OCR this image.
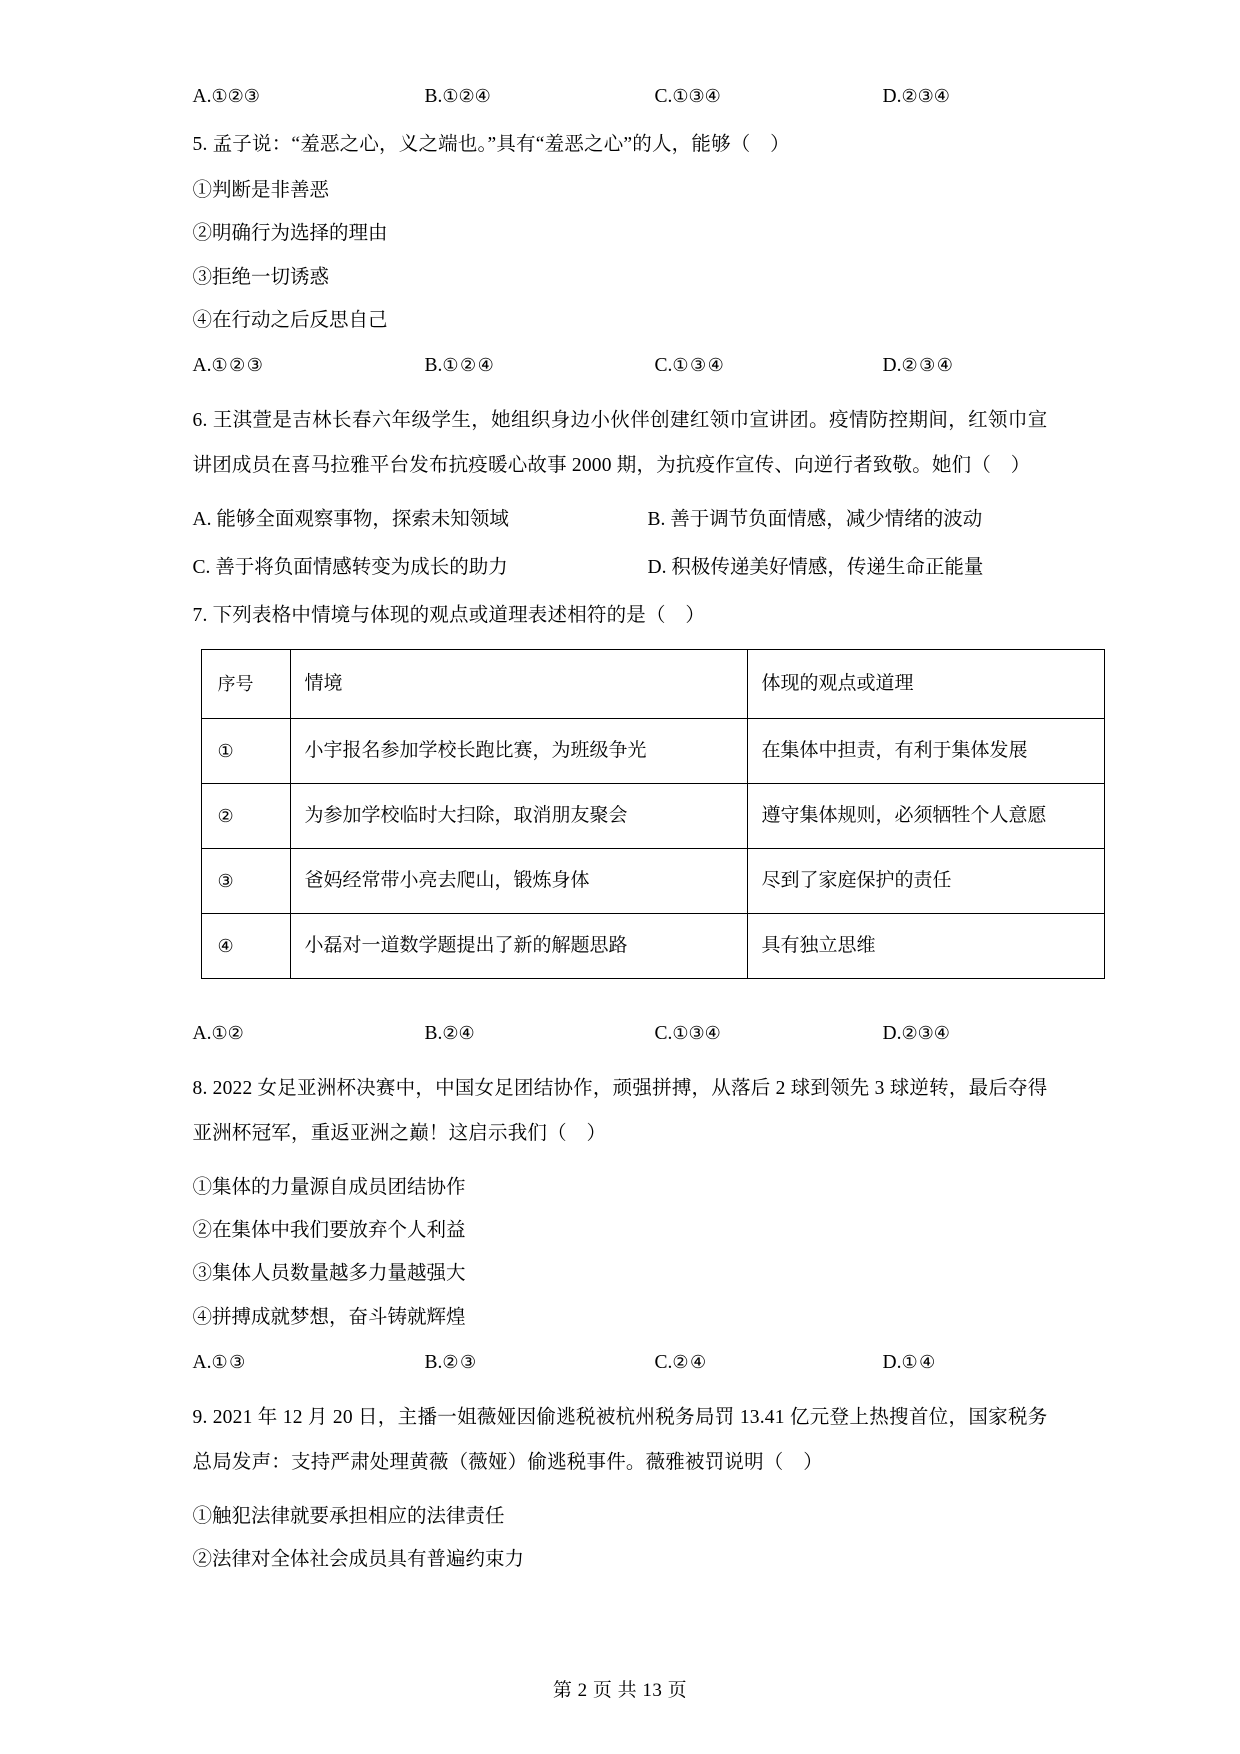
A.①②③	B.①②④	C.①③④	D.②③④

5. 孟子说：“羞恶之心，义之端也。”具有“羞恶之心”的人，能够（　）

①判断是非善恶

②明确行为选择的理由

③拒绝一切诱惑

④在行动之后反思自己

A.①②③	B.①②④	C.①③④	D.②③④

6. 王淇萱是吉林长春六年级学生，她组织身边小伙伴创建红领巾宣讲团。疫情防控期间，红领巾宣讲团成员在喜马拉雅平台发布抗疫暖心故事 2000 期，为抗疫作宣传、向逆行者致敬。她们（　）

A. 能够全面观察事物，探索未知领域	B. 善于调节负面情感，减少情绪的波动
C. 善于将负面情感转变为成长的助力	D. 积极传递美好情感，传递生命正能量

7. 下列表格中情境与体现的观点或道理表述相符的是（　）

序号	情境	体现的观点或道理
①	小宇报名参加学校长跑比赛，为班级争光	在集体中担责，有利于集体发展
②	为参加学校临时大扫除，取消朋友聚会	遵守集体规则，必须牺牲个人意愿
③	爸妈经常带小亮去爬山，锻炼身体	尽到了家庭保护的责任
④	小磊对一道数学题提出了新的解题思路	具有独立思维
A.①②	B.②④	C.①③④	D.②③④

8. 2022 女足亚洲杯决赛中，中国女足团结协作，顽强拼搏，从落后 2 球到领先 3 球逆转，最后夺得亚洲杯冠军，重返亚洲之巅！这启示我们（　）

①集体的力量源自成员团结协作

②在集体中我们要放弃个人利益

③集体人员数量越多力量越强大

④拼搏成就梦想，奋斗铸就辉煌

A.①③	B.②③	C.②④	D.①④

9. 2021 年 12 月 20 日，主播一姐薇娅因偷逃税被杭州税务局罚 13.41 亿元登上热搜首位，国家税务总局发声：支持严肃处理黄薇（薇娅）偷逃税事件。薇雅被罚说明（　）

①触犯法律就要承担相应的法律责任

②法律对全体社会成员具有普遍约束力

第 2 页 共 13 页
